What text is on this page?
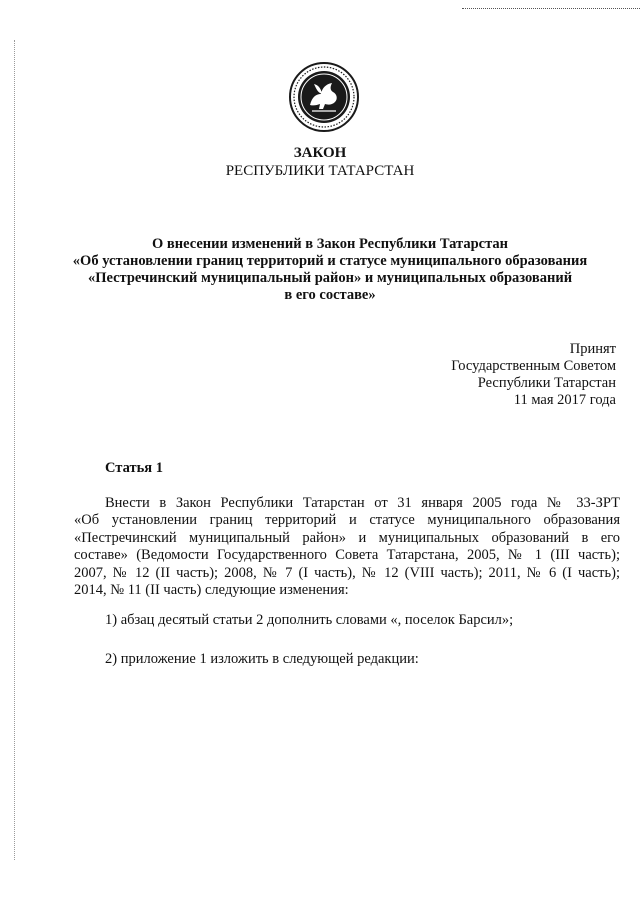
ЗАКОН
РЕСПУБЛИКИ ТАТАРСТАН
О внесении изменений в Закон Республики Татарстан
«Об установлении границ территорий и статусе муниципального образования
«Пестречинский муниципальный район» и муниципальных образований
в его составе»
Принят
Государственным Советом
Республики Татарстан
11 мая 2017 года
Статья 1
Внести в Закон Республики Татарстан от 31 января 2005 года № 33-ЗРТ
«Об установлении границ территорий и статусе муниципального образования
«Пестречинский муниципальный район» и муниципальных образований в его
составе» (Ведомости Государственного Совета Татарстана, 2005, № 1 (III часть);
2007, № 12 (II часть); 2008, № 7 (I часть), № 12 (VIII часть); 2011, № 6 (I часть);
2014, № 11 (II часть) следующие изменения:
1) абзац десятый статьи 2 дополнить словами «, поселок Барсил»;
2) приложение 1 изложить в следующей редакции:
